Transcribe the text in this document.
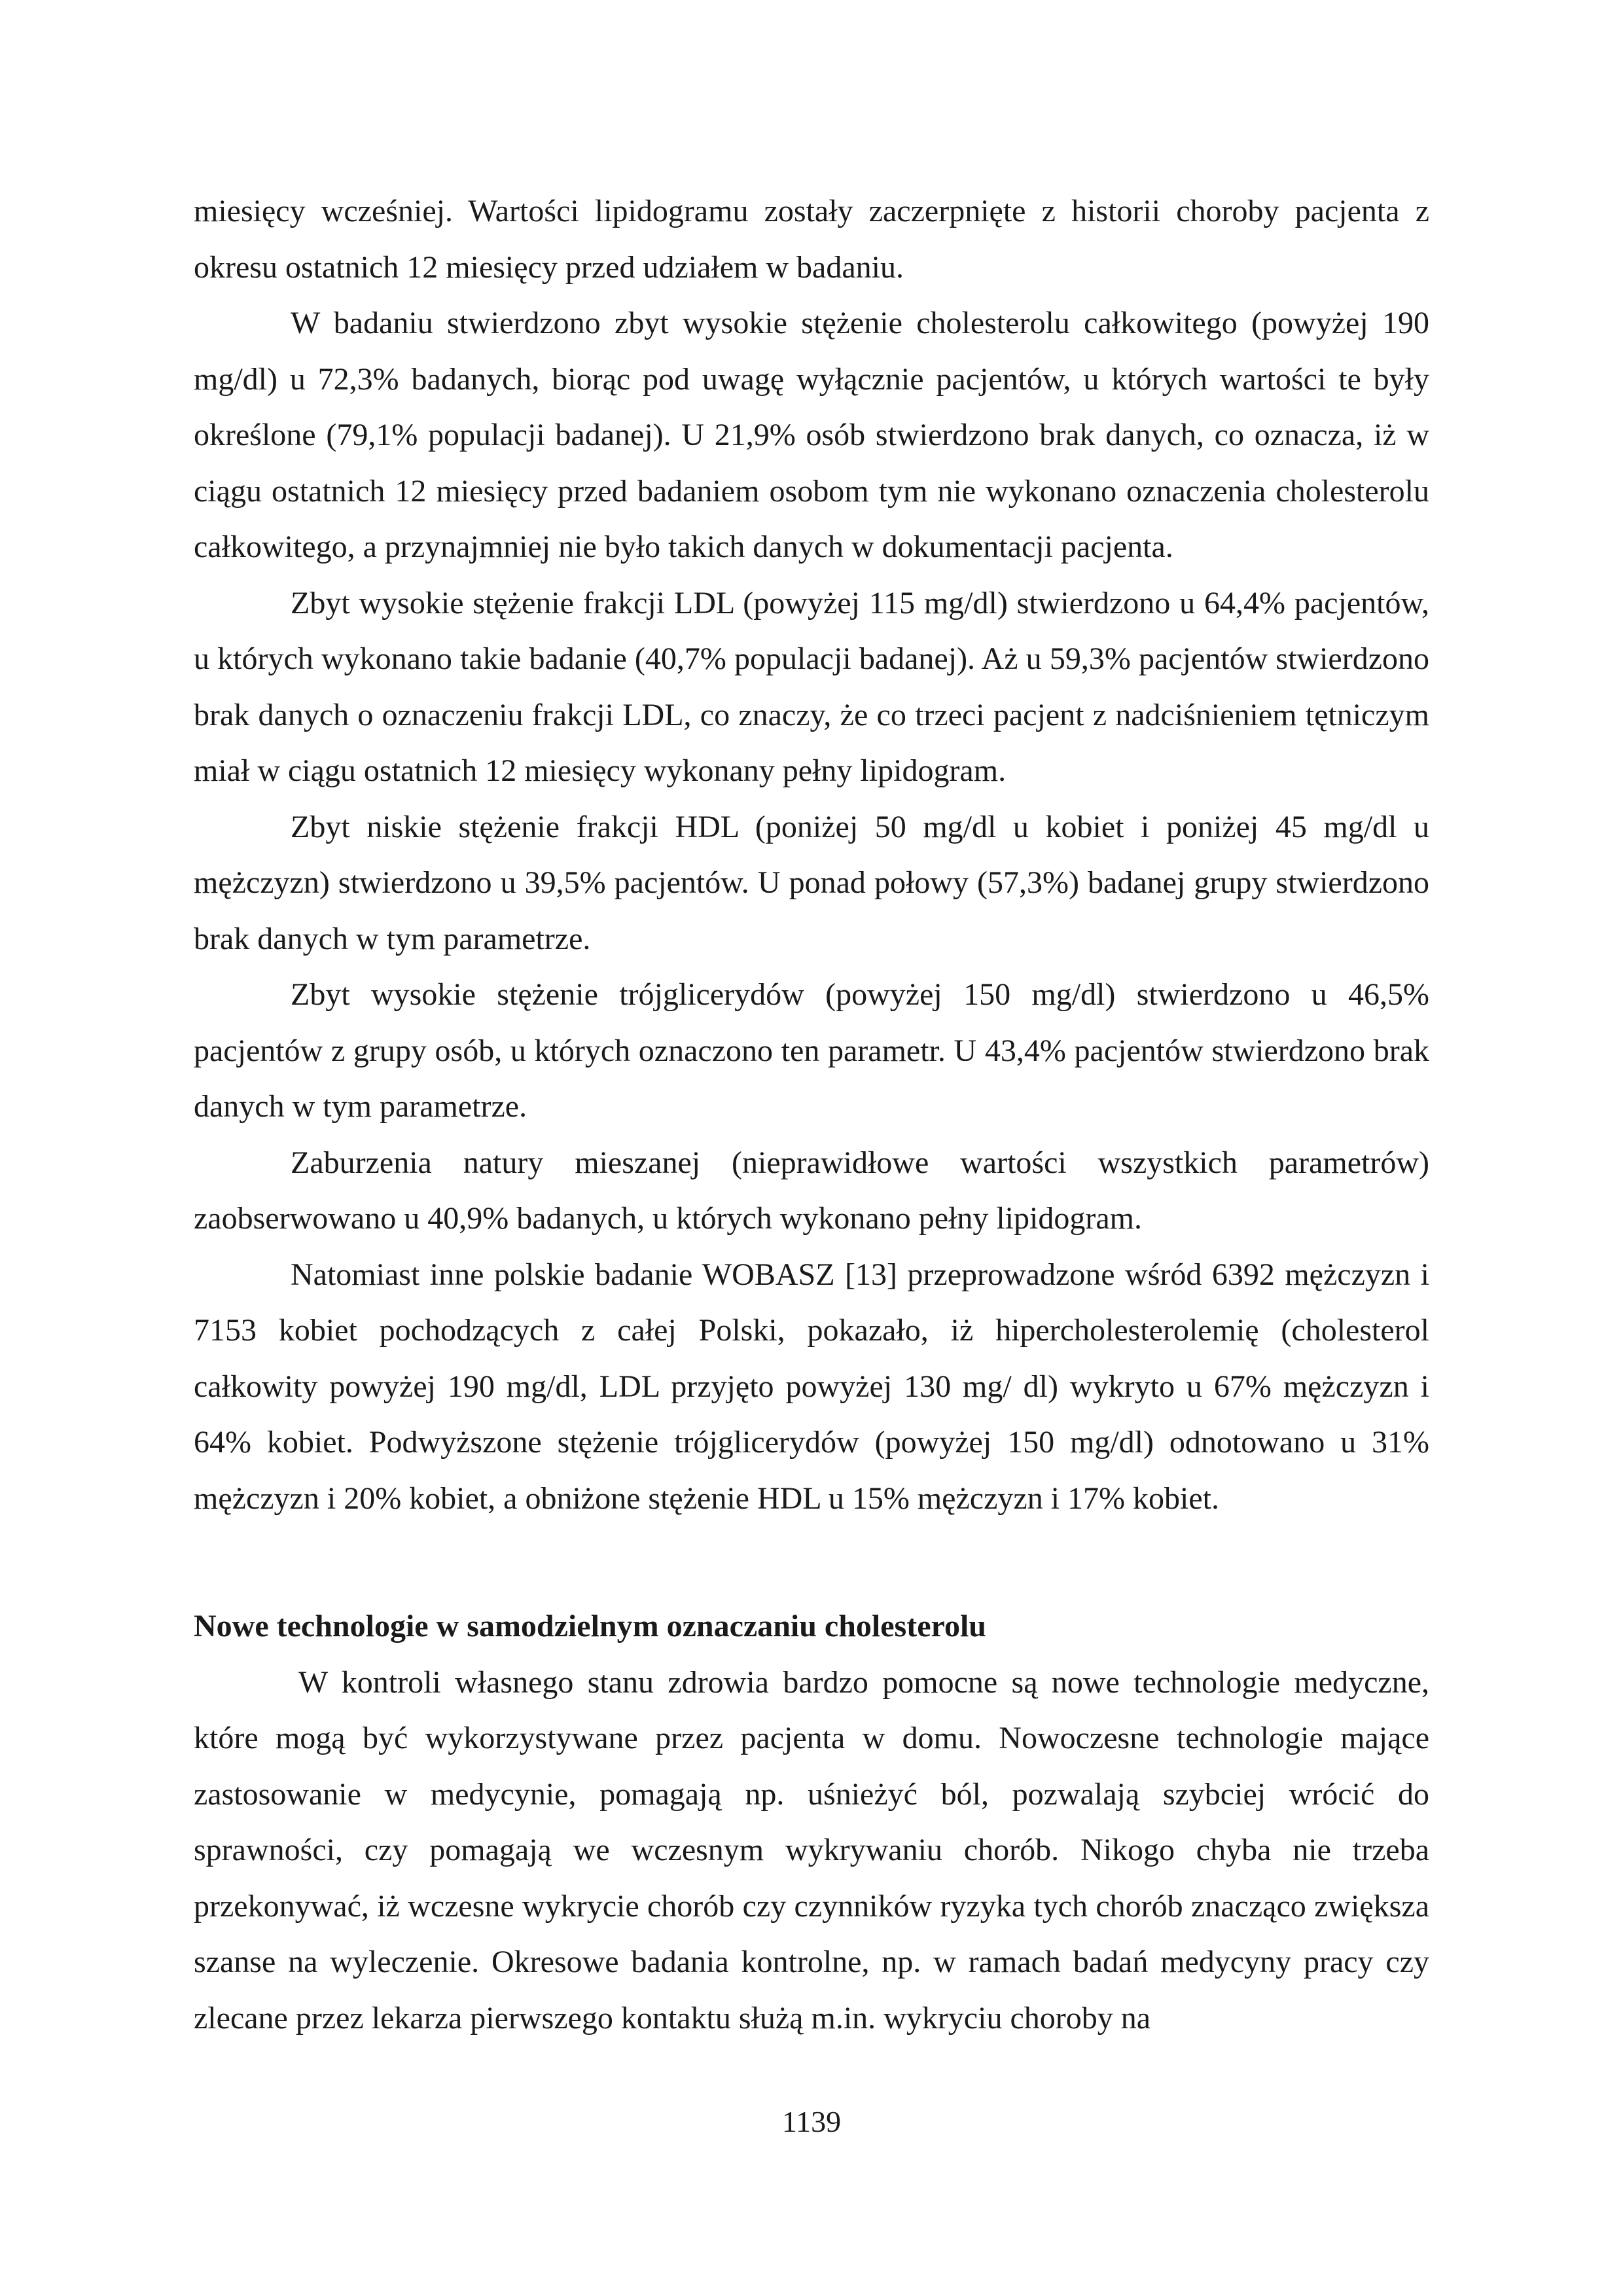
miesięcy wcześniej. Wartości lipidogramu zostały zaczerpnięte z historii choroby pacjenta z okresu ostatnich 12 miesięcy przed udziałem w badaniu.

W badaniu stwierdzono zbyt wysokie stężenie cholesterolu całkowitego (powyżej 190 mg/dl) u 72,3% badanych, biorąc pod uwagę wyłącznie pacjentów, u których wartości te były określone (79,1% populacji badanej). U 21,9% osób stwierdzono brak danych, co oznacza, iż w ciągu ostatnich 12 miesięcy przed badaniem osobom tym nie wykonano oznaczenia cholesterolu całkowitego, a przynajmniej nie było takich danych w dokumentacji pacjenta.

Zbyt wysokie stężenie frakcji LDL (powyżej 115 mg/dl) stwierdzono u 64,4% pacjentów, u których wykonano takie badanie (40,7% populacji badanej). Aż u 59,3% pacjentów stwierdzono brak danych o oznaczeniu frakcji LDL, co znaczy, że co trzeci pacjent z nadciśnieniem tętniczym miał w ciągu ostatnich 12 miesięcy wykonany pełny lipidogram.

Zbyt niskie stężenie frakcji HDL (poniżej 50 mg/dl u kobiet i poniżej 45 mg/dl u mężczyzn) stwierdzono u 39,5% pacjentów. U ponad połowy (57,3%) badanej grupy stwierdzono brak danych w tym parametrze.

Zbyt wysokie stężenie trójglicerydów (powyżej 150 mg/dl) stwierdzono u 46,5% pacjentów z grupy osób, u których oznaczono ten parametr. U 43,4% pacjentów stwierdzono brak danych w tym parametrze.

Zaburzenia natury mieszanej (nieprawidłowe wartości wszystkich parametrów) zaobserwowano u 40,9% badanych, u których wykonano pełny lipidogram.

Natomiast inne polskie badanie WOBASZ [13] przeprowadzone wśród 6392 mężczyzn i 7153 kobiet pochodzących z całej Polski, pokazało, iż hipercholesterolemię (cholesterol całkowity powyżej 190 mg/dl, LDL przyjęto powyżej 130 mg/ dl) wykryto u 67% mężczyzn i 64% kobiet. Podwyższone stężenie trójglicerydów (powyżej 150 mg/dl) odnotowano u 31% mężczyzn i 20% kobiet, a obniżone stężenie HDL u 15% mężczyzn i 17% kobiet.

Nowe technologie w samodzielnym oznaczaniu cholesterolu

W kontroli własnego stanu zdrowia bardzo pomocne są nowe technologie medyczne, które mogą być wykorzystywane przez pacjenta w domu. Nowoczesne technologie mające zastosowanie w medycynie, pomagają np. uśnieżyć ból, pozwalają szybciej wrócić do sprawności, czy pomagają we wczesnym wykrywaniu chorób. Nikogo chyba nie trzeba przekonywać, iż wczesne wykrycie chorób czy czynników ryzyka tych chorób znacząco zwiększa szanse na wyleczenie. Okresowe badania kontrolne, np. w ramach badań medycyny pracy czy zlecane przez lekarza pierwszego kontaktu służą m.in. wykryciu choroby na

1139
